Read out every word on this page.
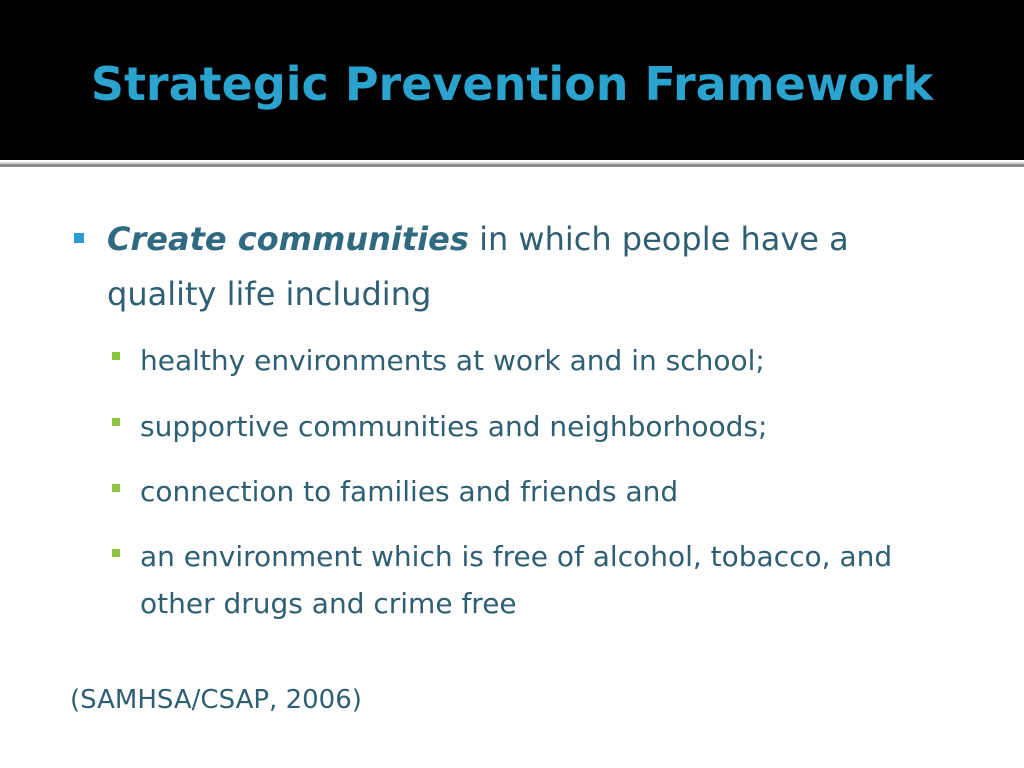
Strategic Prevention Framework
Create communities in which people have a quality life including
healthy environments at work and in school;
supportive communities and neighborhoods;
connection to families and friends and
an environment which is free of alcohol, tobacco, and other drugs and crime free
(SAMHSA/CSAP, 2006)
